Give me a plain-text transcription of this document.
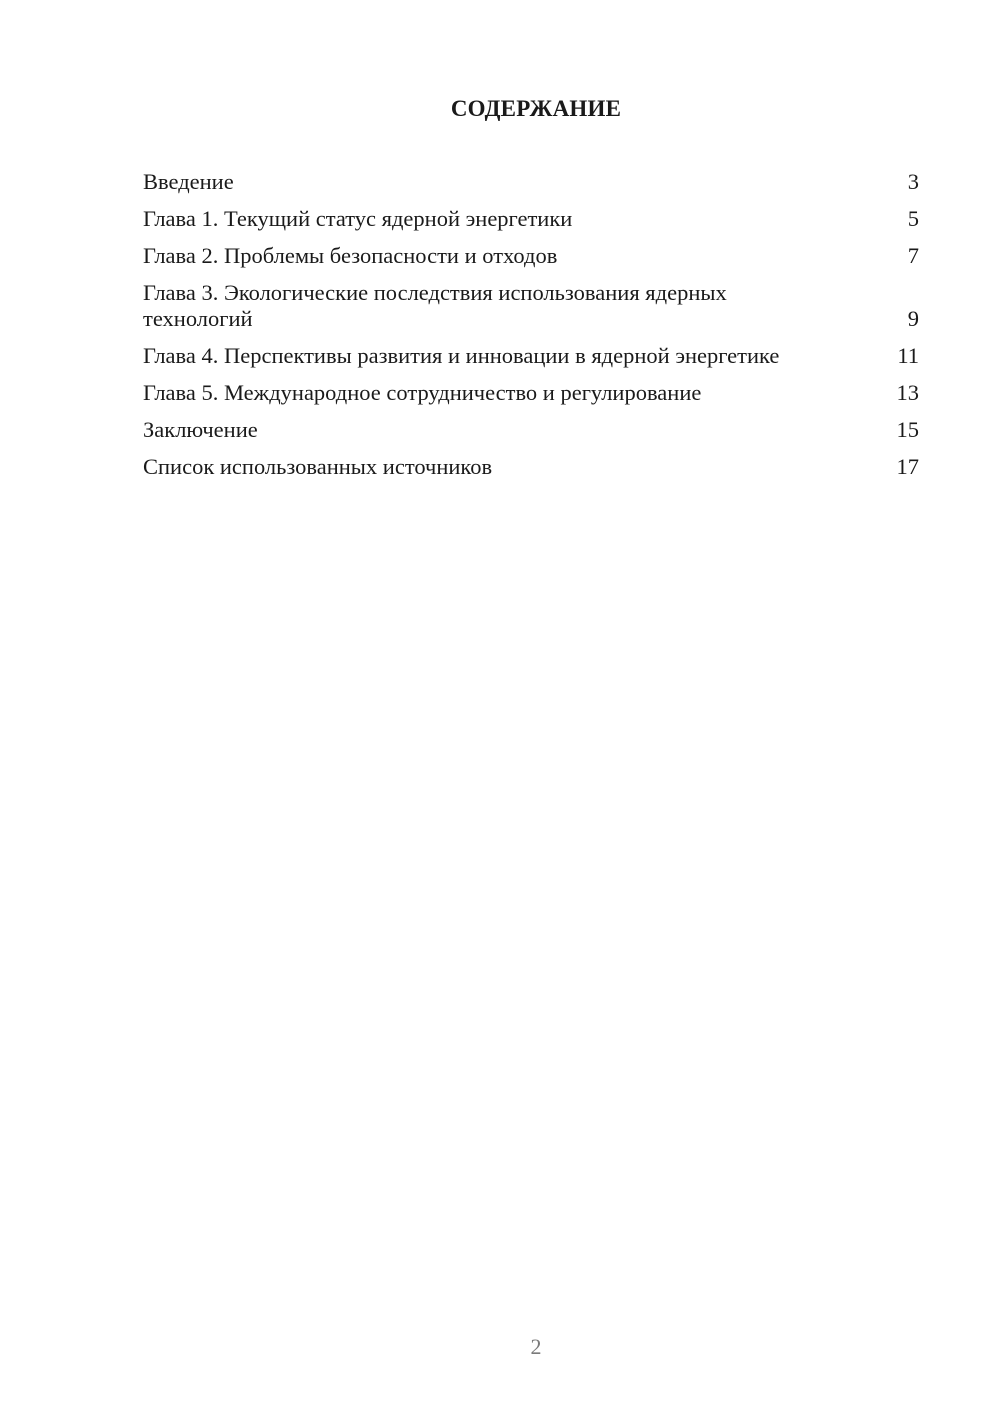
СОДЕРЖАНИЕ
Введение	3
Глава 1. Текущий статус ядерной энергетики	5
Глава 2. Проблемы безопасности и отходов	7
Глава 3. Экологические последствия использования ядерных технологий	9
Глава 4. Перспективы развития и инновации в ядерной энергетике	11
Глава 5. Международное сотрудничество и регулирование	13
Заключение	15
Список использованных источников	17
2
